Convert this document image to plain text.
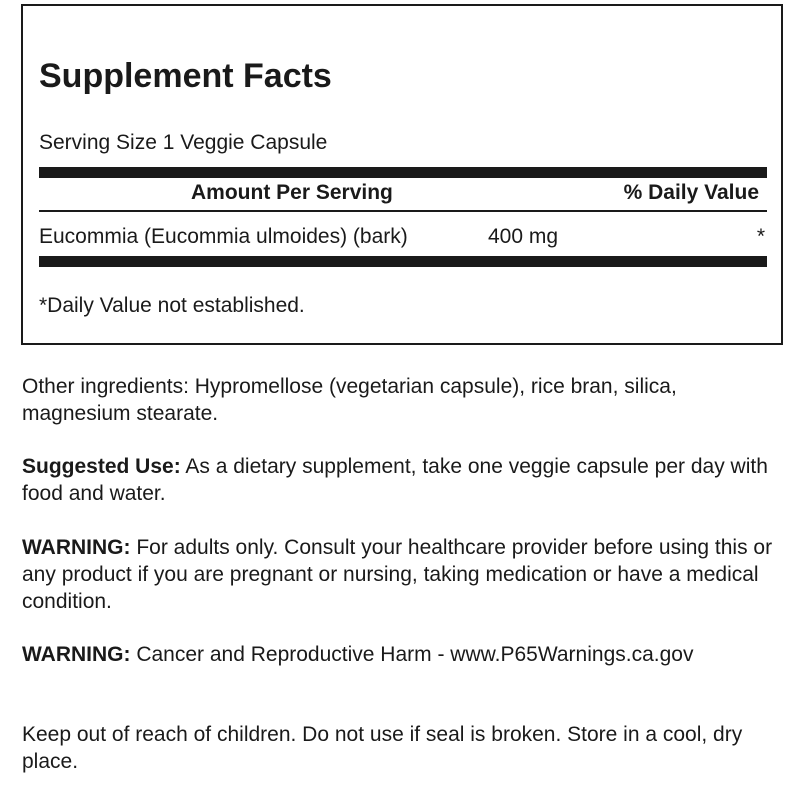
Supplement Facts
Serving Size 1 Veggie Capsule
Amount Per Serving	% Daily Value
Eucommia (Eucommia ulmoides) (bark)	400 mg	*
*Daily Value not established.

Other ingredients: Hypromellose (vegetarian capsule), rice bran, silica, magnesium stearate.

Suggested Use: As a dietary supplement, take one veggie capsule per day with food and water.

WARNING: For adults only. Consult your healthcare provider before using this or any product if you are pregnant or nursing, taking medication or have a medical condition.

WARNING: Cancer and Reproductive Harm - www.P65Warnings.ca.gov

Keep out of reach of children. Do not use if seal is broken. Store in a cool, dry place.
